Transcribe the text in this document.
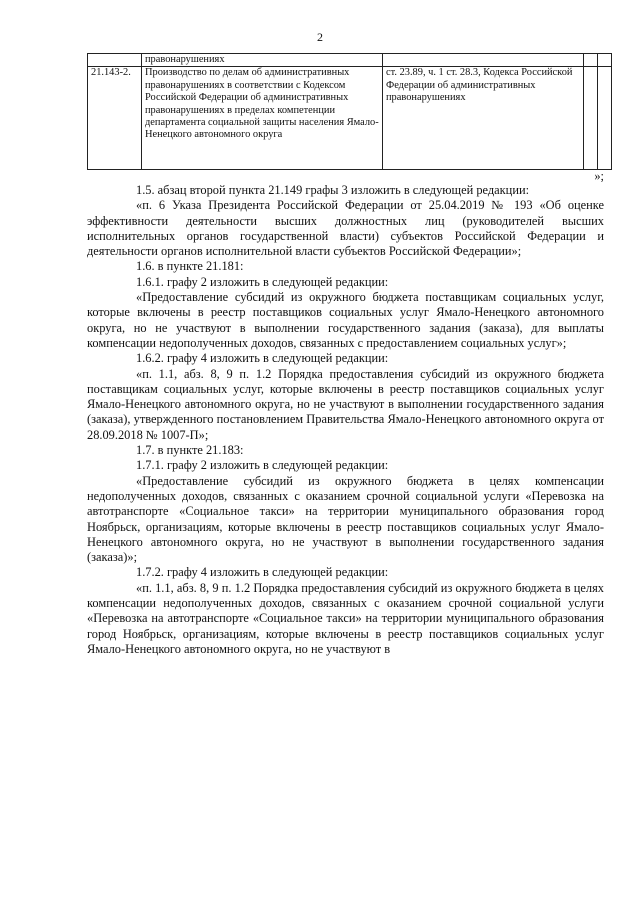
2
	правонарушениях			
21.143-2.	Производство по делам об административных правонарушениях в соответствии с Кодексом Российской Федерации об административных правонарушениях в пределах компетенции департамента социальной защиты населения Ямало-Ненецкого автономного округа	ст. 23.89, ч. 1 ст. 28.3, Кодекса Российской Федерации об административных правонарушениях		

»;

1.5. абзац второй пункта 21.149 графы 3 изложить в следующей редакции:

«п. 6 Указа Президента Российской Федерации от 25.04.2019 № 193 «Об оценке эффективности деятельности высших должностных лиц (руководителей высших исполнительных органов государственной власти) субъектов Российской Федерации и деятельности органов исполнительной власти субъектов Российской Федерации»;

1.6. в пункте 21.181:

1.6.1. графу 2 изложить в следующей редакции:

«Предоставление субсидий из окружного бюджета поставщикам социальных услуг, которые включены в реестр поставщиков социальных услуг Ямало-Ненецкого автономного округа, но не участвуют в выполнении государственного задания (заказа), для выплаты компенсации недополученных доходов, связанных с предоставлением социальных услуг»;

1.6.2. графу 4 изложить в следующей редакции:

«п. 1.1, абз. 8, 9 п. 1.2 Порядка предоставления субсидий из окружного бюджета поставщикам социальных услуг, которые включены в реестр поставщиков социальных услуг Ямало-Ненецкого автономного округа, но не участвуют в выполнении государственного задания (заказа), утвержденного постановлением Правительства Ямало-Ненецкого автономного округа от 28.09.2018 № 1007-П»;

1.7. в пункте 21.183:

1.7.1. графу 2 изложить в следующей редакции:

«Предоставление субсидий из окружного бюджета в целях компенсации недополученных доходов, связанных с оказанием срочной социальной услуги «Перевозка на автотранспорте «Социальное такси» на территории муниципального образования город Ноябрьск, организациям, которые включены в реестр поставщиков социальных услуг Ямало-Ненецкого автономного округа, но не участвуют в выполнении государственного задания (заказа)»;

1.7.2. графу 4 изложить в следующей редакции:

«п. 1.1, абз. 8, 9 п. 1.2 Порядка предоставления субсидий из окружного бюджета в целях компенсации недополученных доходов, связанных с оказанием срочной социальной услуги «Перевозка на автотранспорте «Социальное такси» на территории муниципального образования город Ноябрьск, организациям, которые включены в реестр поставщиков социальных услуг Ямало-Ненецкого автономного округа, но не участвуют в
